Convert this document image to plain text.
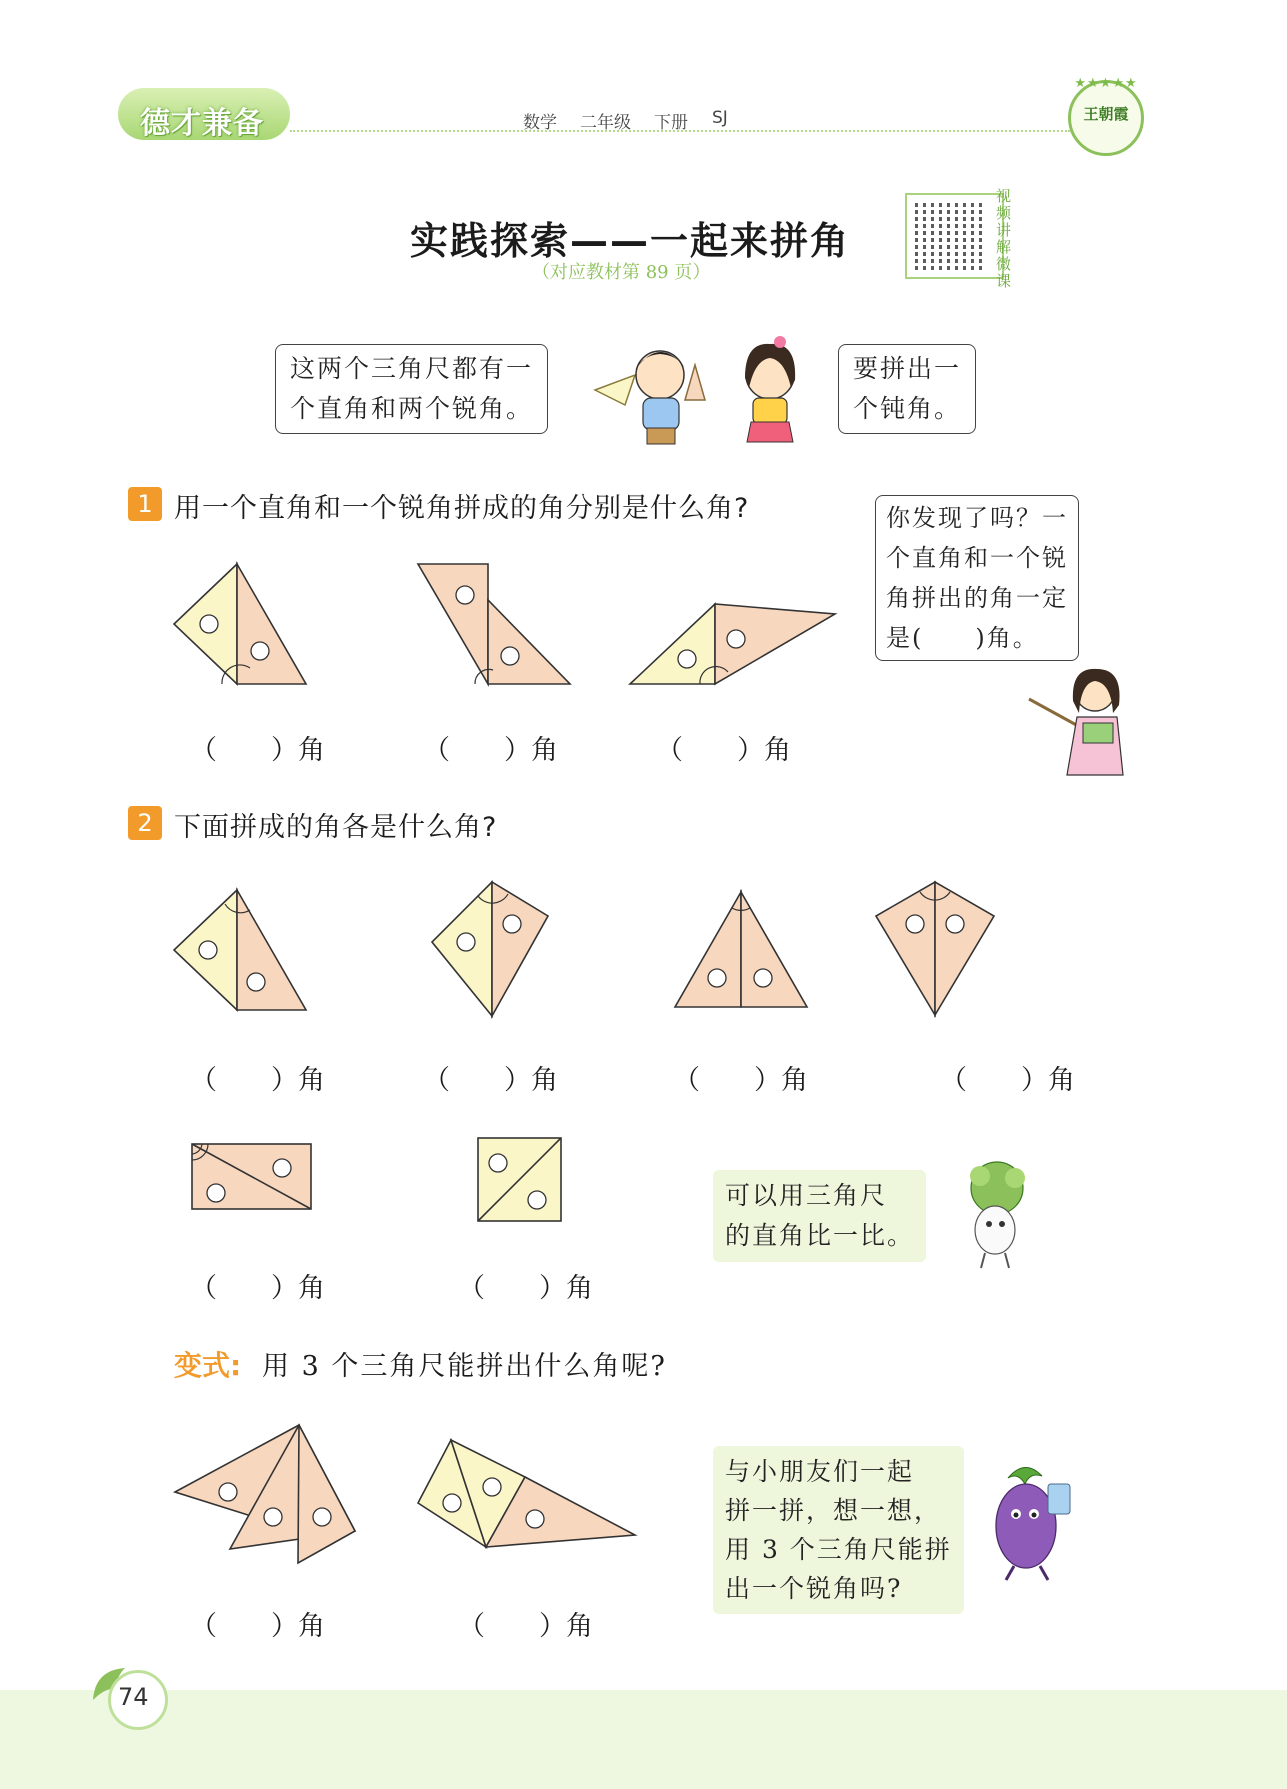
德才兼备	数学 二年级 下册 SJ
★★★★★
王朝霞
实践探索——一起来拼角
（对应教材第 89 页）
视频讲解微课
这两个三角尺都有一
个直角和两个锐角。
要拼出一
个钝角。
1 用一个直角和一个锐角拼成的角分别是什么角?
（　　）角	（　　）角	（　　）角
你发现了吗？一
个直角和一个锐
角拼出的角一定
是(　　)角。
2 下面拼成的角各是什么角?
（　　）角	（　　）角	（　　）角	（　　）角
（　　）角	（　　）角
可以用三角尺
的直角比一比。
变式: 用 3 个三角尺能拼出什么角呢?
（　　）角	（　　）角
与小朋友们一起
拼一拼，想一想，
用 3 个三角尺能拼
出一个锐角吗?
74
